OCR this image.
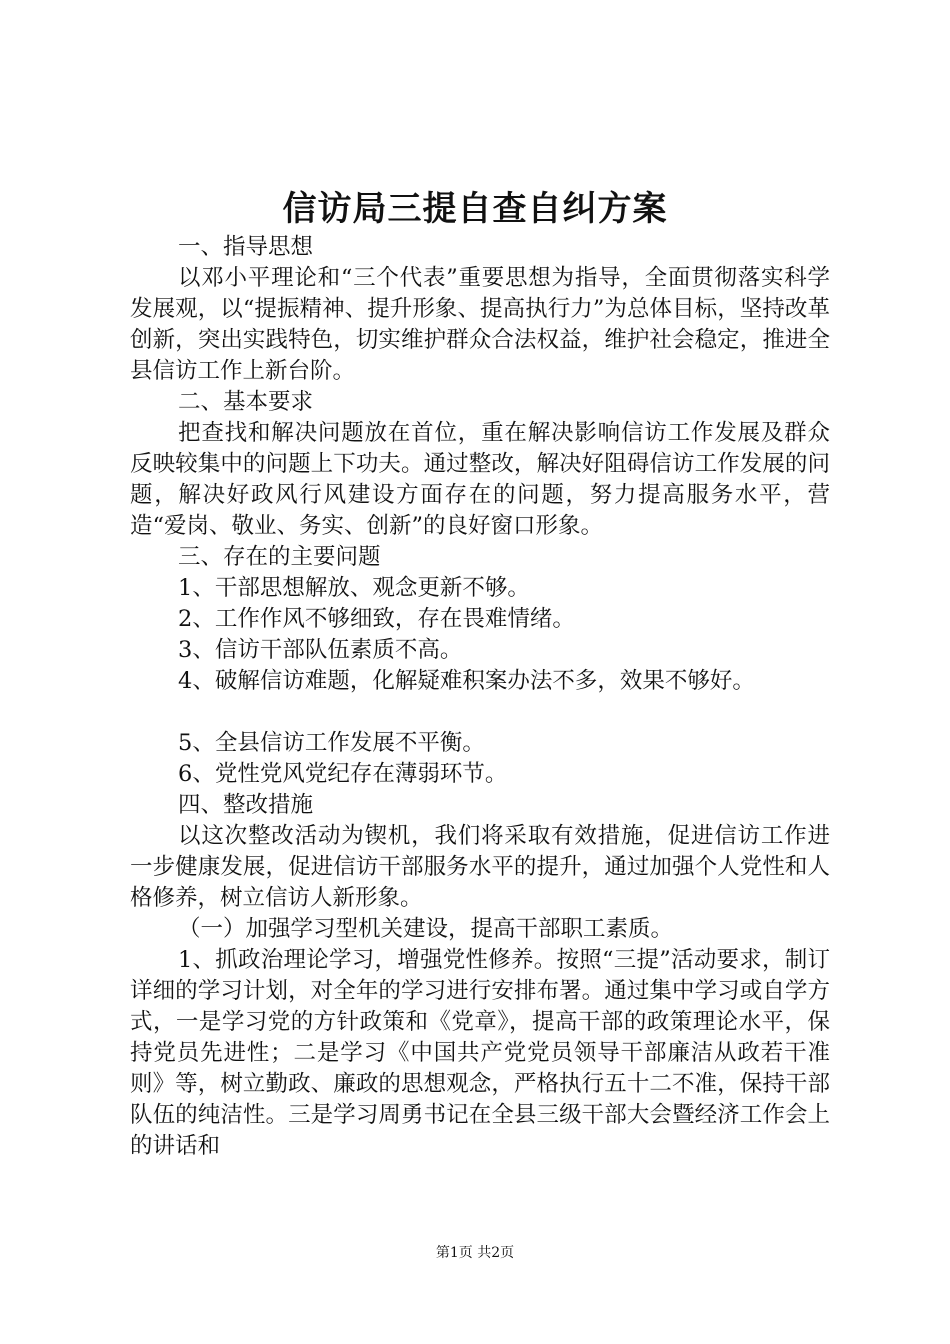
信访局三提自查自纠方案

一、指导思想

以邓小平理论和“三个代表”重要思想为指导，全面贯彻落实科学发展观，以“提振精神、提升形象、提高执行力”为总体目标，坚持改革创新，突出实践特色，切实维护群众合法权益，维护社会稳定，推进全县信访工作上新台阶。

二、基本要求

把查找和解决问题放在首位，重在解决影响信访工作发展及群众反映较集中的问题上下功夫。通过整改，解决好阻碍信访工作发展的问题，解决好政风行风建设方面存在的问题，努力提高服务水平，营造“爱岗、敬业、务实、创新”的良好窗口形象。

三、存在的主要问题

1、干部思想解放、观念更新不够。

2、工作作风不够细致，存在畏难情绪。

3、信访干部队伍素质不高。

4、破解信访难题，化解疑难积案办法不多，效果不够好。

5、全县信访工作发展不平衡。

6、党性党风党纪存在薄弱环节。

四、整改措施

以这次整改活动为锲机，我们将采取有效措施，促进信访工作进一步健康发展，促进信访干部服务水平的提升，通过加强个人党性和人格修养，树立信访人新形象。

（一）加强学习型机关建设，提高干部职工素质。

1、抓政治理论学习，增强党性修养。按照“三提”活动要求，制订详细的学习计划，对全年的学习进行安排布署。通过集中学习或自学方式，一是学习党的方针政策和《党章》，提高干部的政策理论水平，保持党员先进性；二是学习《中国共产党党员领导干部廉洁从政若干准则》等，树立勤政、廉政的思想观念，严格执行五十二不准，保持干部队伍的纯洁性。三是学习周勇书记在全县三级干部大会暨经济工作会上的讲话和

第1页 共2页
